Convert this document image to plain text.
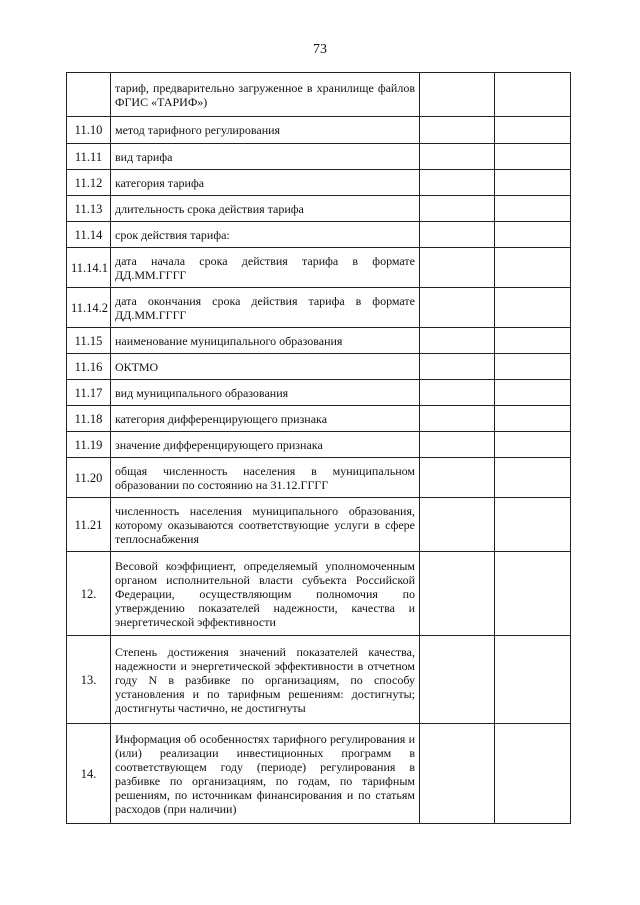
73
	тариф, предварительно загруженное в хранилище файлов ФГИС «ТАРИФ»)		
11.10	метод тарифного регулирования		
11.11	вид тарифа		
11.12	категория тарифа		
11.13	длительность срока действия тарифа		
11.14	срок действия тарифа:		
11.14.1	дата начала срока действия тарифа в формате ДД.ММ.ГГГГ		
11.14.2	дата окончания срока действия тарифа в формате ДД.ММ.ГГГГ		
11.15	наименование муниципального образования		
11.16	ОКТМО		
11.17	вид муниципального образования		
11.18	категория дифференцирующего признака		
11.19	значение дифференцирующего признака		
11.20	общая численность населения в муниципальном образовании по состоянию на 31.12.ГГГГ		
11.21	численность населения муниципального образования, которому оказываются соответствующие услуги в сфере теплоснабжения		
12.	Весовой коэффициент, определяемый уполномоченным органом исполнительной власти субъекта Российской Федерации, осуществляющим полномочия по утверждению показателей надежности, качества и энергетической эффективности		
13.	Степень достижения значений показателей качества, надежности и энергетической эффективности в отчетном году N в разбивке по организациям, по способу установления и по тарифным решениям: достигнуты; достигнуты частично, не достигнуты		
14.	Информация об особенностях тарифного регулирования и (или) реализации инвестиционных программ в соответствующем году (периоде) регулирования в разбивке по организациям, по годам, по тарифным решениям, по источникам финансирования и по статьям расходов (при наличии)		
